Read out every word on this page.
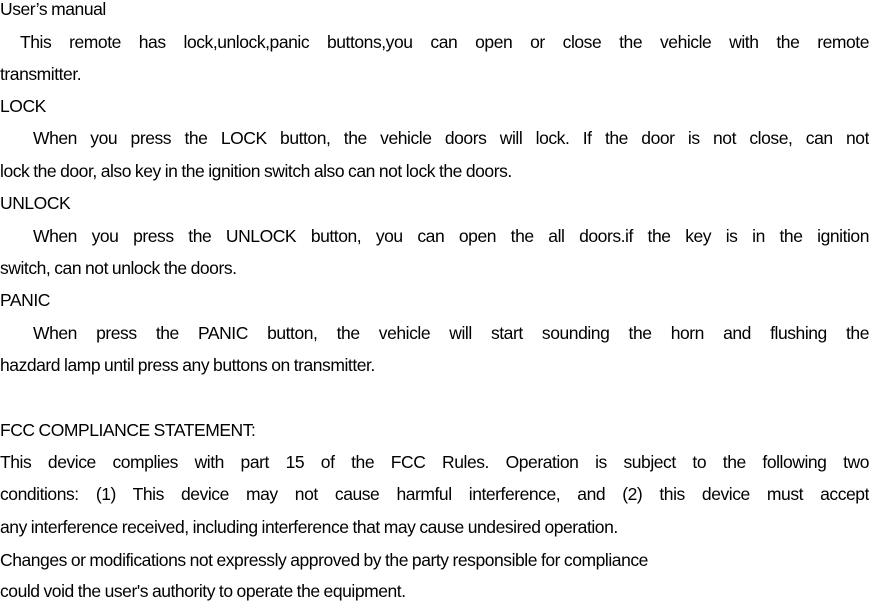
User’s manual
This remote has lock,unlock,panic buttons,you can open or close the vehicle with the remote
transmitter.
LOCK
When you press the LOCK button, the vehicle doors will lock. If the door is not close, can not
lock the door, also key in the ignition switch also can not lock the doors.
UNLOCK
When you press the UNLOCK button, you can open the all doors.if the key is in the ignition
switch, can not unlock the doors.
PANIC
When press the PANIC button, the vehicle will start sounding the horn and flushing the
hazdard lamp until press any buttons on transmitter.
FCC COMPLIANCE STATEMENT:
This device complies with part 15 of the FCC Rules. Operation is subject to the following two
conditions: (1) This device may not cause harmful interference, and (2) this device must accept
any interference received, including interference that may cause undesired operation.
Changes or modifications not expressly approved by the party responsible for compliance
could void the user's authority to operate the equipment.
